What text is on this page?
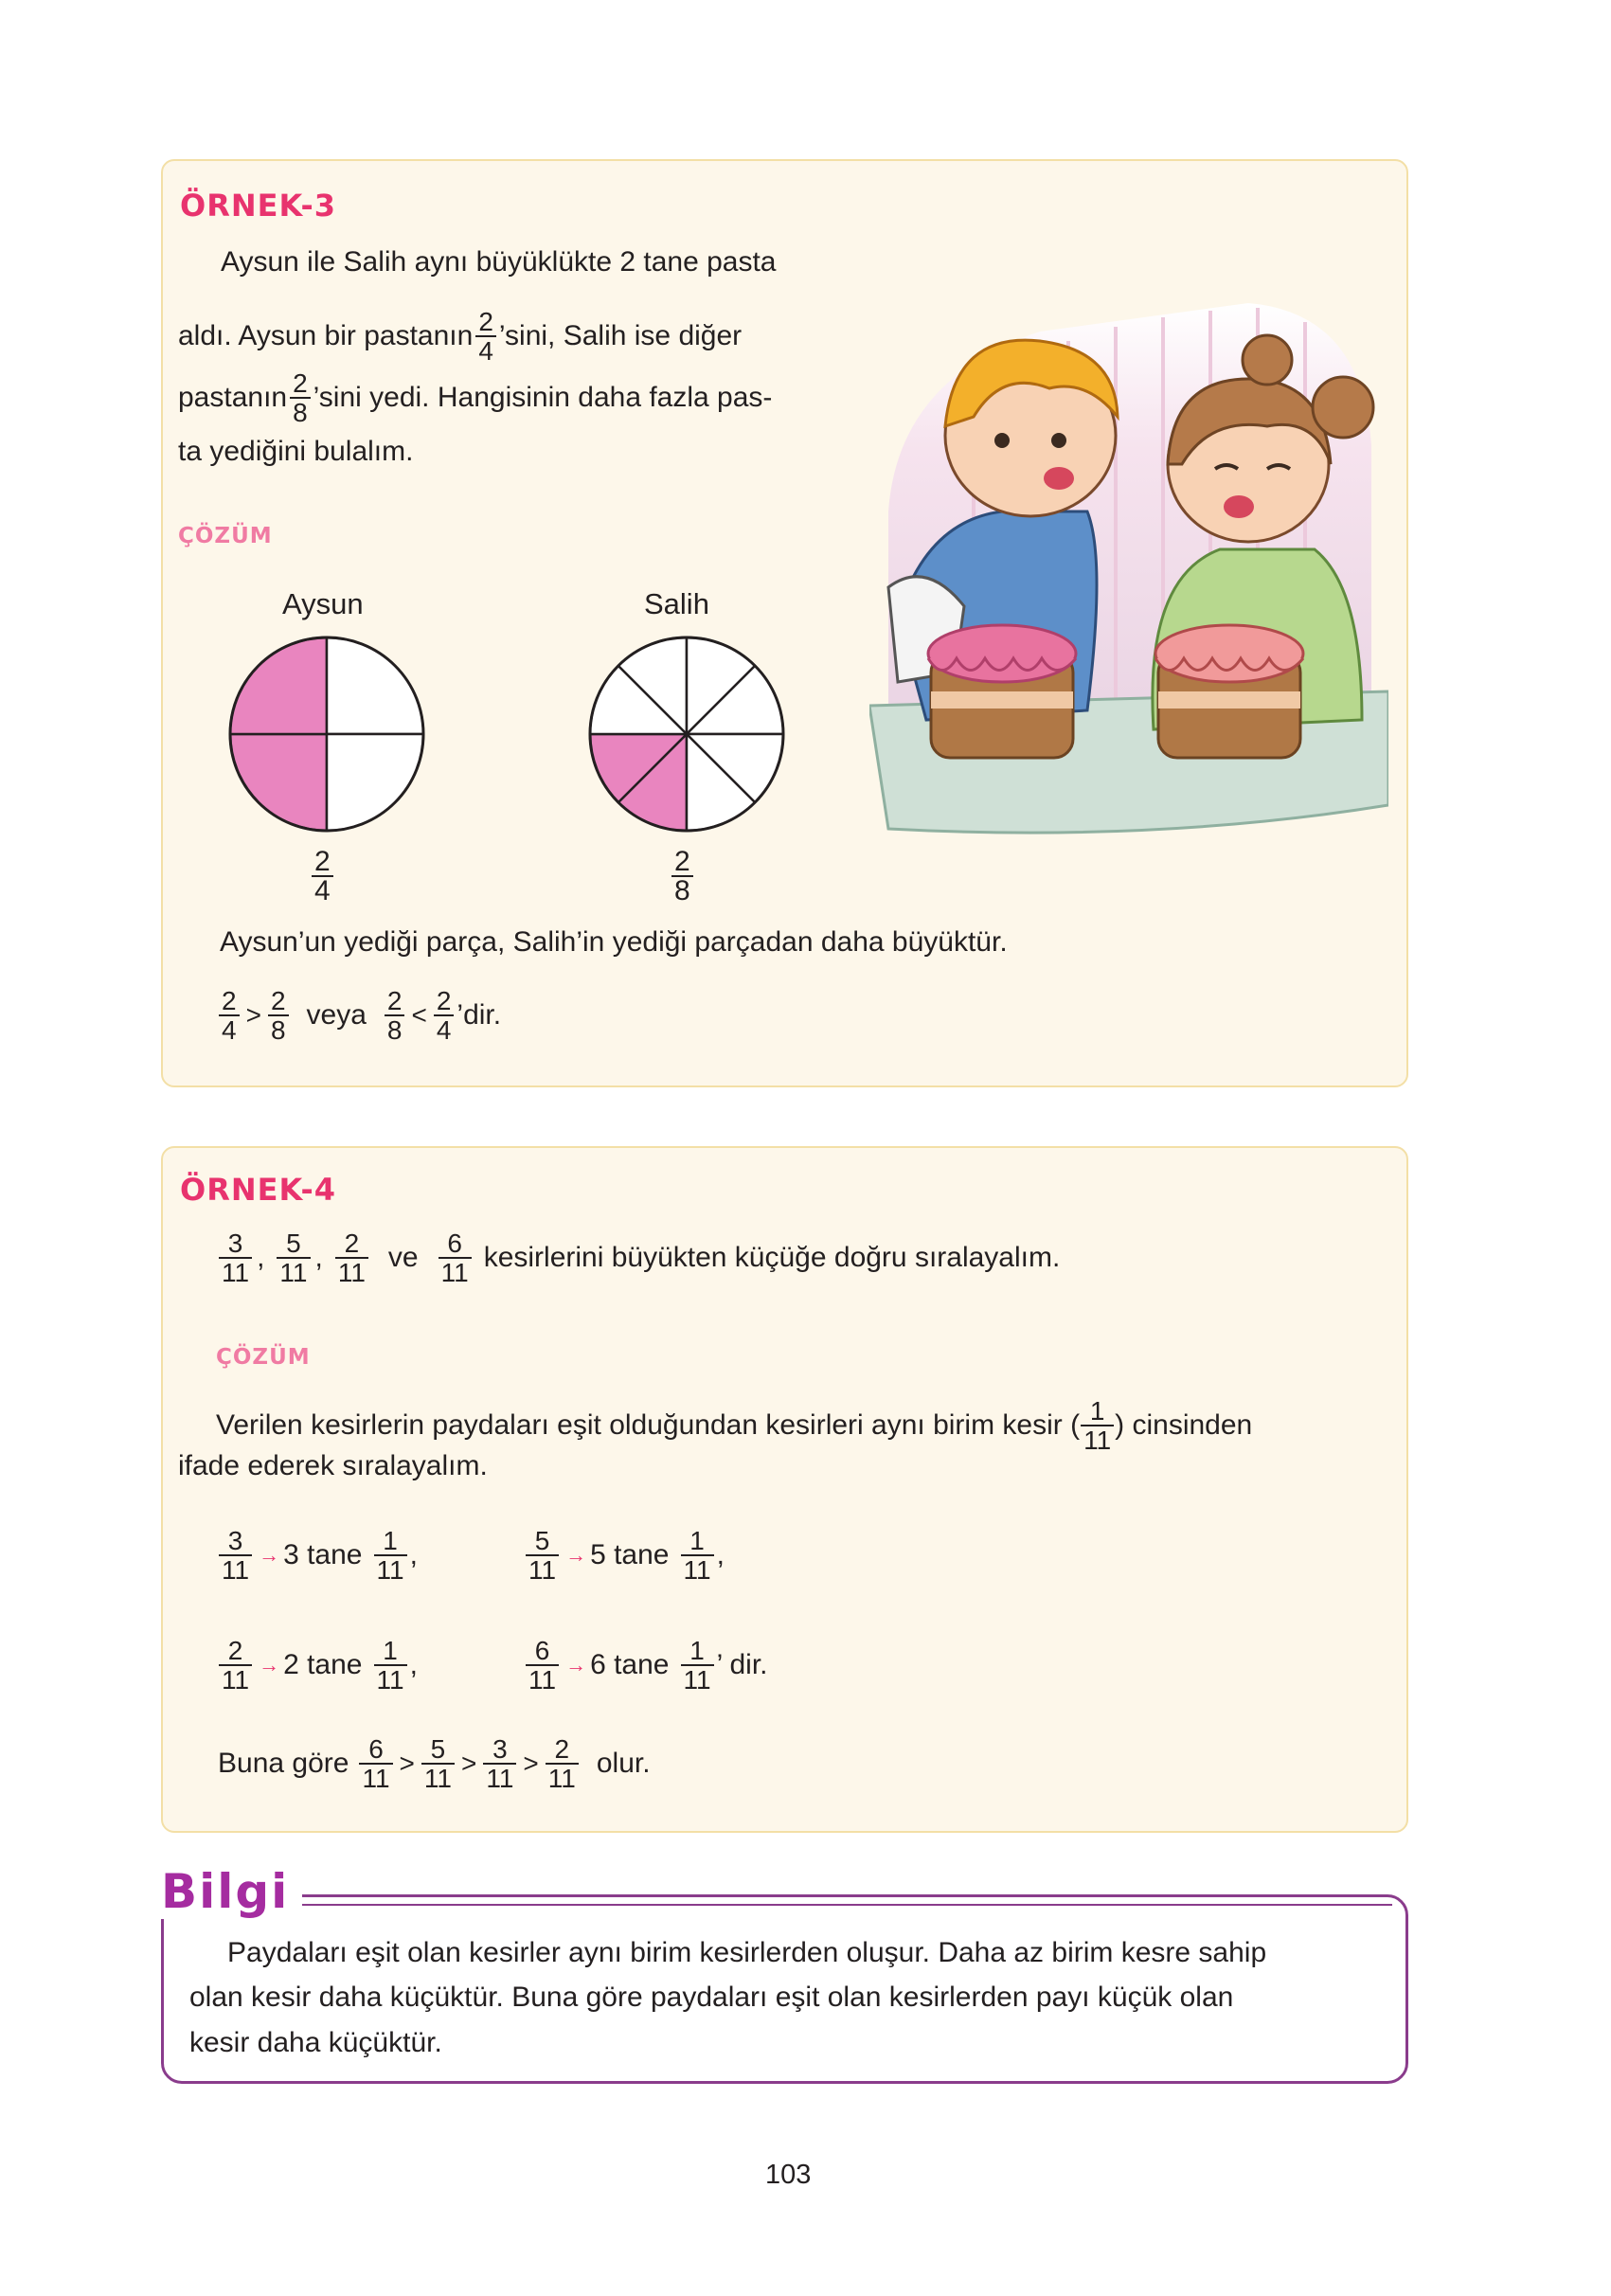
ÖRNEK-3
Aysun ile Salih aynı büyüklükte 2 tane pasta
aldı. Aysun bir pastanın $\frac{2}{4}$ ’sini, Salih ise diğer
pastanın $\frac{2}{8}$ ’sini yedi. Hangisinin daha fazla pas-
ta yediğini bulalım.
ÇÖZÜM
Aysun	Salih
$\frac{2}{4}$	$\frac{2}{8}$
Aysun’un yediği parça, Salih’in yediği parçadan daha büyüktür.
$\frac{2}{4} > \frac{2}{8}$ veya $\frac{2}{8} < \frac{2}{4}$ ’dir.
ÖRNEK-4
$\frac{3}{11}$ , $\frac{5}{11}$ , $\frac{2}{11}$ ve $\frac{6}{11}$ kesirlerini büyükten küçüğe doğru sıralayalım.
ÇÖZÜM
Verilen kesirlerin paydaları eşit olduğundan kesirleri aynı birim kesir ( $\frac{1}{11}$ ) cinsinden
ifade ederek sıralayalım.
$\frac{3}{11} \to 3$ tane $\frac{1}{11}$ ,	$\frac{5}{11} \to 5$ tane $\frac{1}{11}$ ,
$\frac{2}{11} \to 2$ tane $\frac{1}{11}$ ,	$\frac{6}{11} \to 6$ tane $\frac{1}{11}$ ’ dir.
Buna göre $\frac{6}{11} > \frac{5}{11} > \frac{3}{11} > \frac{2}{11}$ olur.
Bilgi
Paydaları eşit olan kesirler aynı birim kesirlerden oluşur. Daha az birim kesre sahip
olan kesir daha küçüktür. Buna göre paydaları eşit olan kesirlerden payı küçük olan
kesir daha küçüktür.
103
